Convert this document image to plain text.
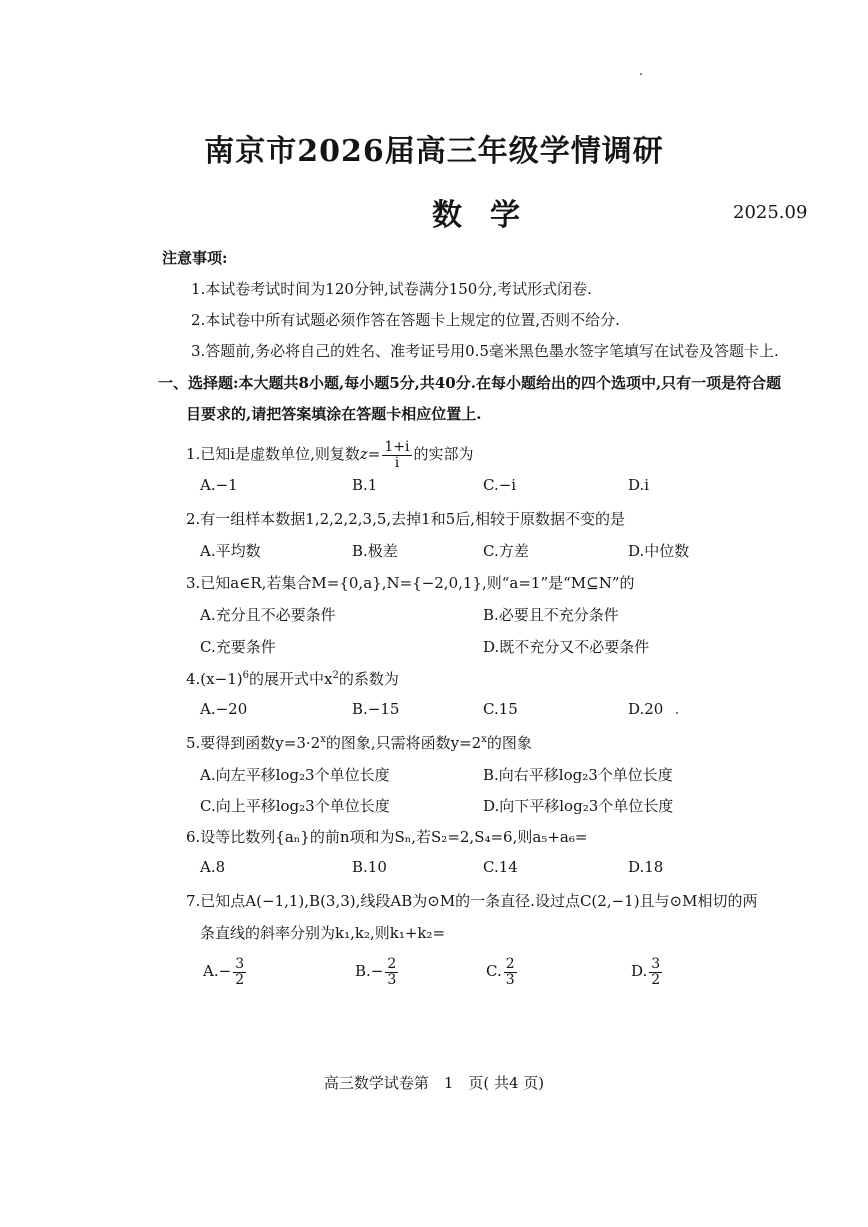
南京市2026届高三年级学情调研
数学	2025.09
注意事项:
1.本试卷考试时间为120分钟,试卷满分150分,考试形式闭卷.
2.本试卷中所有试题必须作答在答题卡上规定的位置,否则不给分.
3.答题前,务必将自己的姓名、准考证号用0.5毫米黑色墨水签字笔填写在试卷及答题卡上.
一、选择题:本大题共8小题,每小题5分,共40分.在每小题给出的四个选项中,只有一项是符合题
目要求的,请把答案填涂在答题卡相应位置上.
1.已知i是虚数单位,则复数$z= \frac{1+i}{i}$ 的实部为
A.−1	B.1	C.−i	D.i
2.有一组样本数据1,2,2,2,3,5,去掉1和5后,相较于原数据不变的是
A.平均数	B.极差	C.方差	D.中位数
3.已知a∈R,若集合M={0,a},N={−2,0,1},则“a=1”是“M⊆N”的
A.充分且不必要条件	B.必要且不充分条件
C.充要条件	D.既不充分又不必要条件
$4.(x-1)^6$的展开式中$x^2$的系数为
A.−20	B.−15	C.15	D.20
5.要得到函数$y=3\cdot 2^x$的图象,只需将函数$y=2^x$的图象
A.向左平移log₂3个单位长度	B.向右平移log₂3个单位长度
C.向上平移log₂3个单位长度	D.向下平移log₂3个单位长度
6.设等比数列{aₙ}的前n项和为Sₙ,若S₂=2,S₄=6,则a₅+a₆=
A.8	B.10	C.14	D.18
7.已知点A(−1,1),B(3,3),线段AB为⊙M的一条直径.设过点C(2,−1)且与⊙M相切的两
条直线的斜率分别为k₁,k₂,则k₁+k₂=
$A.- \frac{3}{2}$	$B.- \frac{2}{3}$	C. $\frac{2}{3}$	D. $\frac{3}{2}$
高三数学试卷第　1　页( 共4 页)
